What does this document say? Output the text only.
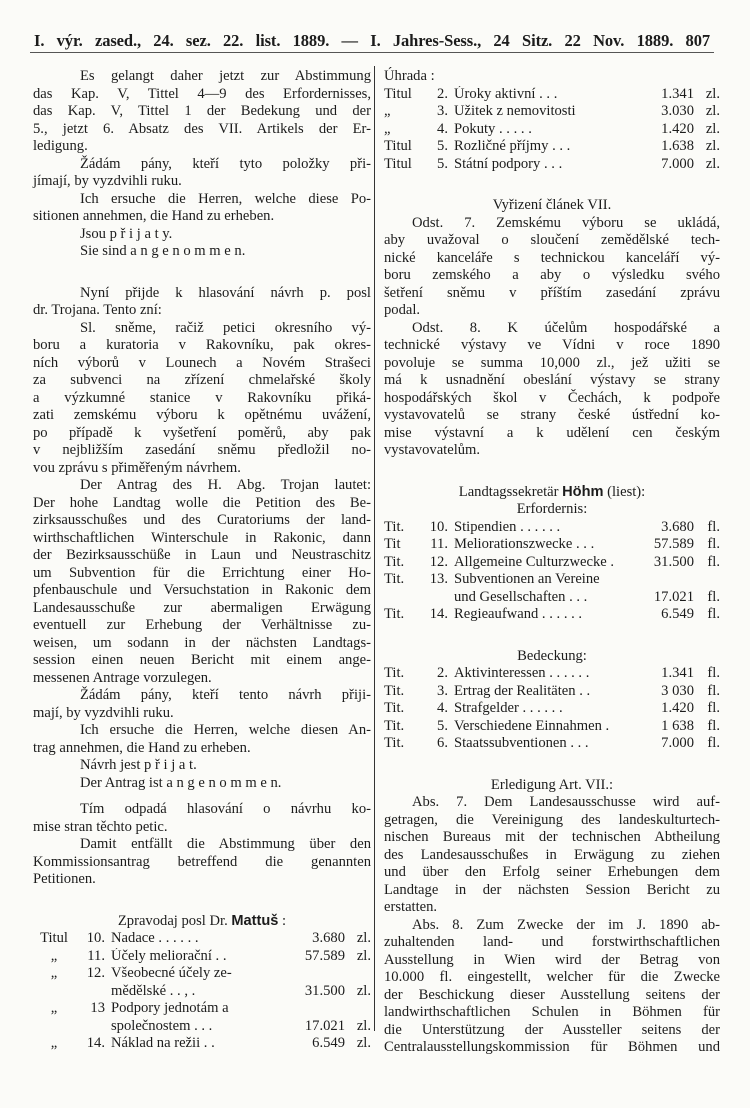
I. výr. zased., 24. sez. 22. list. 1889. — I. Jahres-Sess., 24 Sitz. 22 Nov. 1889. 807
Es gelangt daher jetzt zur Abstimmung
das Kap. V, Tittel 4—9 des Erfordernisses,
das Kap. V, Tittel 1 der Bedekung und der
5., jetzt 6. Absatz des VII. Artikels der Er-
ledigung.
Žádám pány, kteří tyto položky při-
jímají, by vyzdvihli ruku.
Ich ersuche die Herren, welche diese Po-
sitionen annehmen, die Hand zu erheben.
Jsou p ř i j a t y.
Sie sind a n g e n o m m e n.
Nyní přijde k hlasování návrh p. posl
dr. Trojana. Tento zní:
Sl. sněme, račiž petici okresního vý-
boru a kuratoria v Rakovníku, pak okres-
ních výborů v Lounech a Novém Strašeci
za subvenci na zřízení chmelařské školy
a výzkumné stanice v Rakovníku přiká-
zati zemskému výboru k opětnému uvážení,
po případě k vyšetření poměrů, aby pak
v nejbližším zasedání sněmu předložil no-
vou zprávu s přiměřeným návrhem.
Der Antrag des H. Abg. Trojan lautet:
Der hohe Landtag wolle die Petition des Be-
zirksausschußes und des Curatoriums der land-
wirthschaftlichen Winterschule in Rakonic, dann
der Bezirksausschüße in Laun und Neustraschitz
um Subvention für die Errichtung einer Ho-
pfenbauschule und Versuchstation in Rakonic dem
Landesausschuße zur abermaligen Erwägung
eventuell zur Erhebung der Verhältnisse zu-
weisen, um sodann in der nächsten Landtags-
session einen neuen Bericht mit einem ange-
messenen Antrage vorzulegen.
Žádám pány, kteří tento návrh přiji-
mají, by vyzdvihli ruku.
Ich ersuche die Herren, welche diesen An-
trag annehmen, die Hand zu erheben.
Návrh jest p ř i j a t.
Der Antrag ist a n g e n o m m e n.
Tím odpadá hlasování o návrhu ko-
mise stran těchto petic.
Damit entfällt die Abstimmung über den
Kommissionsantrag betreffend die genannten
Petitionen.
Zpravodaj posl Dr. Mattuš :
Titul	10. Nadace . . . . . .	3.680 zl.
„	11. Účely meliorační . .	57.589 zl.
„	12. Všeobecné účely ze-
mědělské . . , .	31.500 zl.
„	13 Podpory jednotám a
společnostem . . .	17.021 zl.
„	14. Náklad na režii . .	6.549 zl.
Úhrada :
Titul	2. Úroky aktivní . . .	1.341 zl.
„	3. Užitek z nemovitosti	3.030 zl.
„	4. Pokuty . . . . .	1.420 zl.
Titul	5. Rozličné příjmy . . .	1.638 zl.
Titul	5. Státní podpory . . .	7.000 zl.
Vyřizení článek VII.
Odst. 7. Zemskému výboru se ukládá,
aby uvažoval o sloučení zemědělské tech-
nické kanceláře s technickou kanceláří vý-
boru zemského a aby o výsledku svého
šetření sněmu v příštím zasedání zprávu
podal.
Odst. 8. K účelům hospodářské a
technické výstavy ve Vídni v roce 1890
povoluje se summa 10,000 zl., jež užiti se
má k usnadnění obeslání výstavy se strany
hospodářských škol v Čechách, k podpoře
vystavovatelů se strany české ústřední ko-
mise výstavní a k udělení cen českým
vystavovatelům.
Landtagssekretär Höhm (liest):
Erfordernis:
Tit.	10. Stipendien . . . . . .	3.680 fl.
Tit	11. Meliorationszwecke . . .	57.589 fl.
Tit.	12. Allgemeine Culturzwecke .	31.500 fl.
Tit.	13. Subventionen an Vereine
und Gesellschaften . . .	17.021 fl.
Tit.	14. Regieaufwand . . . . . .	6.549 fl.
Bedeckung:
Tit.	2. Aktivinteressen . . . . . .	1.341 fl.
Tit.	3. Ertrag der Realitäten . .	3 030 fl.
Tit.	4. Strafgelder . . . . . .	1.420 fl.
Tit.	5. Verschiedene Einnahmen .	1 638 fl.
Tit.	6. Staatssubventionen . . .	7.000 fl.
Erledigung Art. VII.:
Abs. 7. Dem Landesausschusse wird auf-
getragen, die Vereinigung des landeskulturtech-
nischen Bureaus mit der technischen Abtheilung
des Landesausschußes in Erwägung zu ziehen
und über den Erfolg seiner Erhebungen dem
Landtage in der nächsten Session Bericht zu
erstatten.
Abs. 8. Zum Zwecke der im J. 1890 ab-
zuhaltenden land- und forstwirthschaftlichen
Ausstellung in Wien wird der Betrag von
10.000 fl. eingestellt, welcher für die Zwecke
der Beschickung dieser Ausstellung seitens der
landwirthschaftlichen Schulen in Böhmen für
die Unterstützung der Aussteller seitens der
Centralausstellungskommission für Böhmen und
